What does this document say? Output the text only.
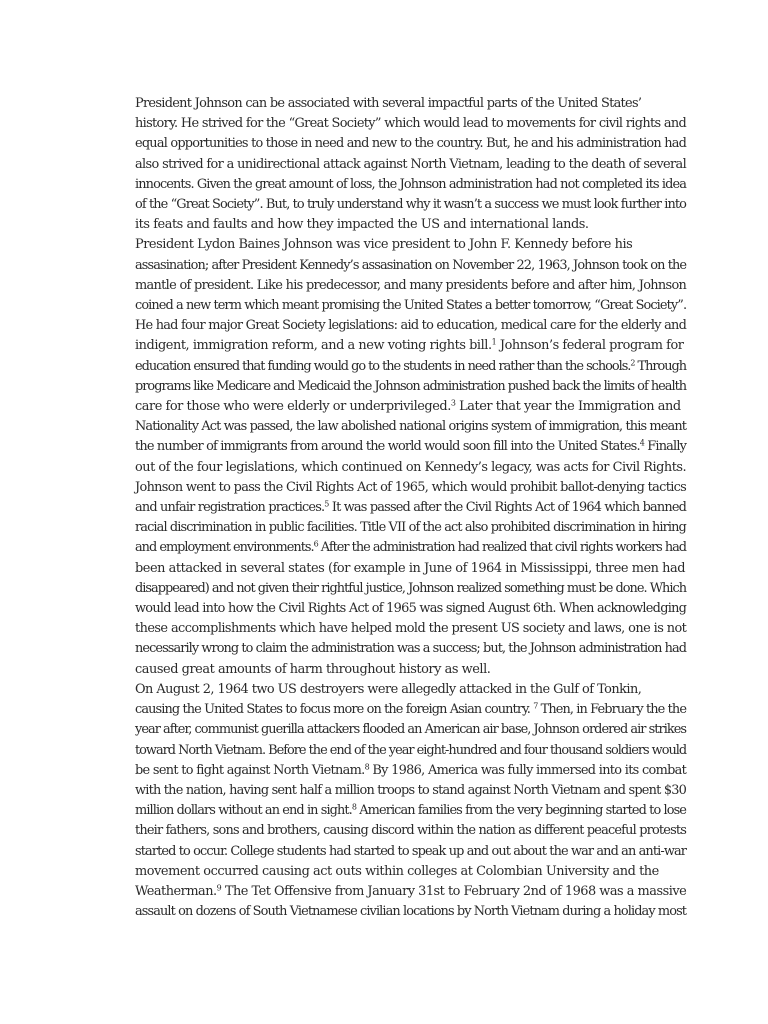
President Johnson can be associated with several impactful parts of the United States’
history. He strived for the “Great Society” which would lead to movements for civil rights and
equal opportunities to those in need and new to the country. But, he and his administration had
also strived for a unidirectional attack against North Vietnam, leading to the death of several
innocents. Given the great amount of loss, the Johnson administration had not completed its idea
of the “Great Society”. But, to truly understand why it wasn’t a success we must look further into
its feats and faults and how they impacted the US and international lands.

President Lydon Baines Johnson was vice president to John F. Kennedy before his
assasination; after President Kennedy’s assasination on November 22, 1963, Johnson took on the
mantle of president. Like his predecessor, and many presidents before and after him, Johnson
coined a new term which meant promising the United States a better tomorrow, “Great Society”.
He had four major Great Society legislations: aid to education, medical care for the elderly and
indigent, immigration reform, and a new voting rights bill.$^1$ Johnson’s federal program for
education ensured that funding would go to the students in need rather than the schools.$^2$ Through
programs like Medicare and Medicaid the Johnson administration pushed back the limits of health
care for those who were elderly or underprivileged.$^3$ Later that year the Immigration and
Nationality Act was passed, the law abolished national origins system of immigration, this meant
the number of immigrants from around the world would soon fill into the United States.$^4$ Finally
out of the four legislations, which continued on Kennedy’s legacy, was acts for Civil Rights.
Johnson went to pass the Civil Rights Act of 1965, which would prohibit ballot-denying tactics
and unfair registration practices.$^5$ It was passed after the Civil Rights Act of 1964 which banned
racial discrimination in public facilities. Title VII of the act also prohibited discrimination in hiring
and employment environments.$^6$ After the administration had realized that civil rights workers had
been attacked in several states (for example in June of 1964 in Mississippi, three men had
disappeared) and not given their rightful justice, Johnson realized something must be done. Which
would lead into how the Civil Rights Act of 1965 was signed August 6th. When acknowledging
these accomplishments which have helped mold the present US society and laws, one is not
necessarily wrong to claim the administration was a success; but, the Johnson administration had
caused great amounts of harm throughout history as well.

On August 2, 1964 two US destroyers were allegedly attacked in the Gulf of Tonkin,
causing the United States to focus more on the foreign Asian country. $^7$ Then, in February the the
year after, communist guerilla attackers flooded an American air base, Johnson ordered air strikes
toward North Vietnam. Before the end of the year eight-hundred and four thousand soldiers would
be sent to fight against North Vietnam.$^8$ By 1986, America was fully immersed into its combat
with the nation, having sent half a million troops to stand against North Vietnam and spent $30
million dollars without an end in sight.$^8$ American families from the very beginning started to lose
their fathers, sons and brothers, causing discord within the nation as different peaceful protests
started to occur. College students had started to speak up and out about the war and an anti-war
movement occurred causing act outs within colleges at Colombian University and the
Weatherman.$^9$ The Tet Offensive from January 31st to February 2nd of 1968 was a massive
assault on dozens of South Vietnamese civilian locations by North Vietnam during a holiday most
